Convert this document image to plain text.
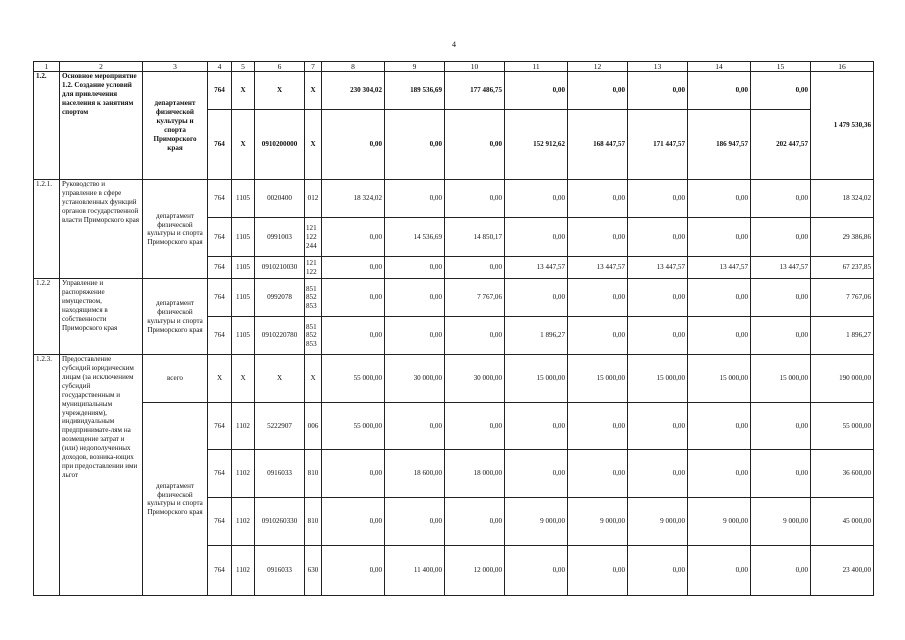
4
1	2	3	4	5	6	7	8	9	10	11	12	13	14	15	16
1.2.	Основное мероприятие 1.2. Создание условий для привлечения населения к занятиям спортом	департамент физической культуры и спорта Приморского края	764	X	X	X	230 304,02	189 536,69	177 486,75	0,00	0,00	0,00	0,00	0,00	1 479 530,36
			764	X	0910200000	X	0,00	0,00	0,00	152 912,62	168 447,57	171 447,57	186 947,57	202 447,57	
1.2.1.	Руководство и управление в сфере установленных функций органов государственной власти Приморского края	департамент физической культуры и спорта Приморского края	764	1105	0020400	012	18 324,02	0,00	0,00	0,00	0,00	0,00	0,00	0,00	18 324,02
			764	1105	0991003	121
122
244	0,00	14 536,69	14 850,17	0,00	0,00	0,00	0,00	0,00	29 386,86
			764	1105	0910210030	121
122	0,00	0,00	0,00	13 447,57	13 447,57	13 447,57	13 447,57	13 447,57	67 237,85
1.2.2	Управление и распоряжение имуществом, находящимся в собственности Приморского края	департамент физической культуры и спорта Приморского края	764	1105	0992078	851
852
853	0,00	0,00	7 767,06	0,00	0,00	0,00	0,00	0,00	7 767,06
			764	1105	0910220780	851
852
853	0,00	0,00	0,00	1 896,27	0,00	0,00	0,00	0,00	1 896,27
1.2.3.	Предоставление субсидий юридическим лицам (за исключением субсидий государственным и муниципальным учреждениям), индивидуальным предпринимате-лям на возмещение затрат и (или) недополученных доходов, возника-ющих при предоставлении ими льгот	всего	X	X	X	X	55 000,00	30 000,00	30 000,00	15 000,00	15 000,00	15 000,00	15 000,00	15 000,00	190 000,00
		департамент физической культуры и спорта Приморского края	764	1102	5222907	006	55 000,00	0,00	0,00	0,00	0,00	0,00	0,00	0,00	55 000,00
			764	1102	0916033	810	0,00	18 600,00	18 000,00	0,00	0,00	0,00	0,00	0,00	36 600,00
			764	1102	0910260330	810	0,00	0,00	0,00	9 000,00	9 000,00	9 000,00	9 000,00	9 000,00	45 000,00
			764	1102	0916033	630	0,00	11 400,00	12 000,00	0,00	0,00	0,00	0,00	0,00	23 400,00
